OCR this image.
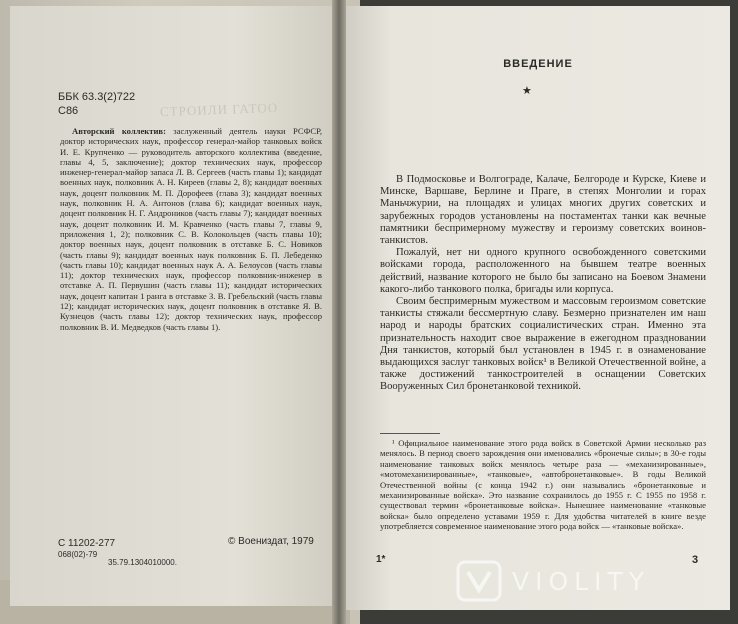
ББК 63.3(2)722
С86	СТРОИЛИ ГАТОО
Авторский коллектив: заслуженный деятель науки РСФСР, доктор исторических наук, профессор генерал-майор танковых войск И. Е. Крупченко — руководитель авторского коллектива (введение, главы 4, 5, заключение); доктор технических наук, профессор инженер-генерал-майор запаса Л. В. Сергеев (часть главы 1); кандидат военных наук, полковник А. Н. Киреев (главы 2, 8); кандидат военных наук, доцент полковник М. П. Дорофеев (глава 3); кандидат военных наук, полковник Н. А. Антонов (глава 6); кандидат военных наук, доцент полковник Н. Г. Андроников (часть главы 7); кандидат военных наук, доцент полковник И. М. Кравченко (часть главы 7, главы 9, приложения 1, 2); полковник С. В. Колокольцев (часть главы 10); доктор военных наук, доцент полковник в отставке Б. С. Новиков (часть главы 9); кандидат военных наук полковник Б. П. Лебеденко (часть главы 10); кандидат военных наук А. А. Белоусов (часть главы 11); доктор технических наук, профессор полковник-инженер в отставке А. П. Первушин (часть главы 11); кандидат исторических наук, доцент капитан 1 ранга в отставке З. В. Гребельский (часть главы 12); кандидат исторических наук, доцент полковник в отставке Я. В. Кузнецов (часть главы 12); доктор технических наук, профессор полковник В. И. Медведков (часть главы 1).
С 11202-277
068(02)-79
35.79.1304010000.
© Воениздат, 1979
ВВЕДЕНИЕ
★

В Подмосковье и Волгограде, Калаче, Белгороде и Курске, Киеве и Минске, Варшаве, Берлине и Праге, в степях Монголии и горах Маньчжурии, на площадях и улицах многих других советских и зарубежных городов установлены на постаментах танки как вечные памятники беспримерному мужеству и героизму советских воинов-танкистов.

Пожалуй, нет ни одного крупного освобожденного советскими войсками города, расположенного на бывшем театре военных действий, название которого не было бы записано на Боевом Знамени какого-либо танкового полка, бригады или корпуса.

Своим беспримерным мужеством и массовым героизмом советские танкисты стяжали бессмертную славу. Безмерно признателен им наш народ и народы братских социалистических стран. Именно эта признательность находит свое выражение в ежегодном праздновании Дня танкистов, который был установлен в 1945 г. в ознаменование выдающихся заслуг танковых войск¹ в Великой Отечественной войне, а также достижений танкостроителей в оснащении Советских Вооруженных Сил бронетанковой техникой.

¹ Официальное наименование этого рода войск в Советской Армии несколько раз менялось. В период своего зарождения они именовались «бронечые силы»; в 30-е годы наименование танковых войск менялось четыре раза — «механизированные», «мотомеханизированные», «танковые», «автобронетанковые». В годы Великой Отечественной войны (с конца 1942 г.) они назывались «бронетанковые и механизированные войска». Это название сохранилось до 1955 г. С 1955 по 1958 г. существовал термин «бронетанковые войска». Нынешнее наименование «танковые войска» было определено уставами 1959 г. Для удобства читателей в книге везде употребляется современное наименование этого рода войск — «танковые войска».
1*	3
VIOLITY
